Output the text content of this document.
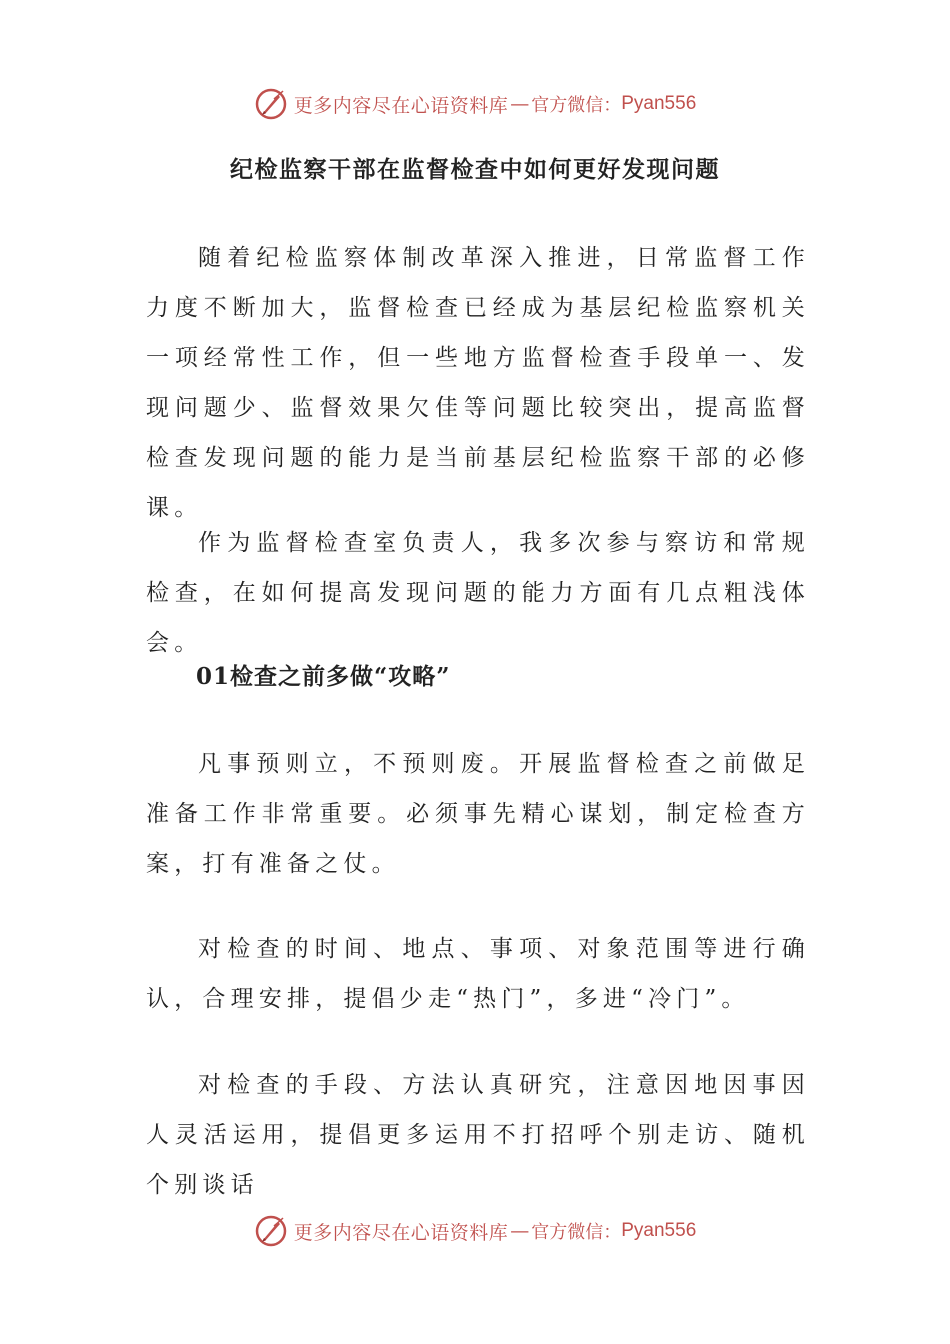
更多内容尽在心语资料库 — 官方微信： Pyan556
纪检监察干部在监督检查中如何更好发现问题

随着纪检监察体制改革深入推进，日常监督工作力度不断加大，监督检查已经成为基层纪检监察机关一项经常性工作，但一些地方监督检查手段单一、发现问题少、监督效果欠佳等问题比较突出，提高监督检查发现问题的能力是当前基层纪检监察干部的必修课。

作为监督检查室负责人，我多次参与察访和常规检查，在如何提高发现问题的能力方面有几点粗浅体会。

01检查之前多做“攻略”

凡事预则立，不预则废。开展监督检查之前做足准备工作非常重要。必须事先精心谋划，制定检查方案，打有准备之仗。

对检查的时间、地点、事项、对象范围等进行确认，合理安排，提倡少走“热门”，多进“冷门”。

对检查的手段、方法认真研究，注意因地因事因人灵活运用，提倡更多运用不打招呼个别走访、随机个别谈话

更多内容尽在心语资料库 — 官方微信： Pyan556
